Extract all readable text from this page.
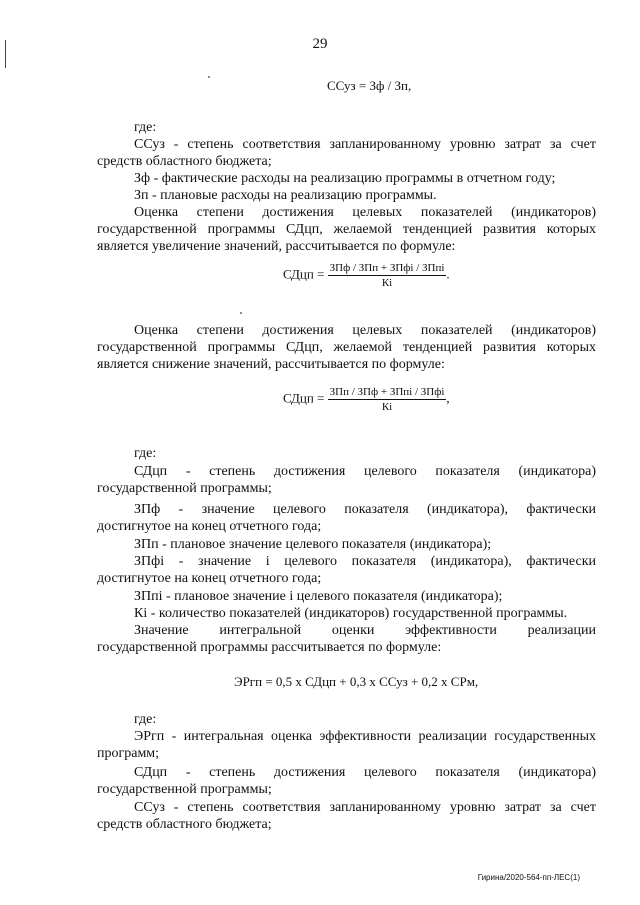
29
ССуз = Зф / Зп,
где:
ССуз - степень соответствия запланированному уровню затрат за счет
средств областного бюджета;
Зф - фактические расходы на реализацию программы в отчетном году;
Зп - плановые расходы на реализацию программы.
Оценка степени достижения целевых показателей (индикаторов)
государственной программы СДцп, желаемой тенденцией развития которых
является увеличение значений, рассчитывается по формуле:
СДцп = $\frac{\text{ЗПф / ЗПп + ЗПфi / ЗПпi}}{Кi}$ .
Оценка степени достижения целевых показателей (индикаторов)
государственной программы СДцп, желаемой тенденцией развития которых
является снижение значений, рассчитывается по формуле:
СДцп = $\frac{\text{ЗПп / ЗПф + ЗПпi / ЗПфi}}{Кi}$ ,
где:
СДцп - степень достижения целевого показателя (индикатора)
государственной программы;
ЗПф - значение целевого показателя (индикатора), фактически
достигнутое на конец отчетного года;
ЗПп - плановое значение целевого показателя (индикатора);
ЗПфi - значение i целевого показателя (индикатора), фактически
достигнутое на конец отчетного года;
ЗПпi - плановое значение i целевого показателя (индикатора);
Кi - количество показателей (индикаторов) государственной программы.
Значение интегральной оценки эффективности реализации
государственной программы рассчитывается по формуле:
ЭРгп = 0,5 х СДцп + 0,3 х ССуз + 0,2 х СРм,
где:
ЭРгп - интегральная оценка эффективности реализации государственных
программ;
СДцп - степень достижения целевого показателя (индикатора)
государственной программы;
ССуз - степень соответствия запланированному уровню затрат за счет
средств областного бюджета;
Гирина/2020-564-пп-ЛЕС(1)
